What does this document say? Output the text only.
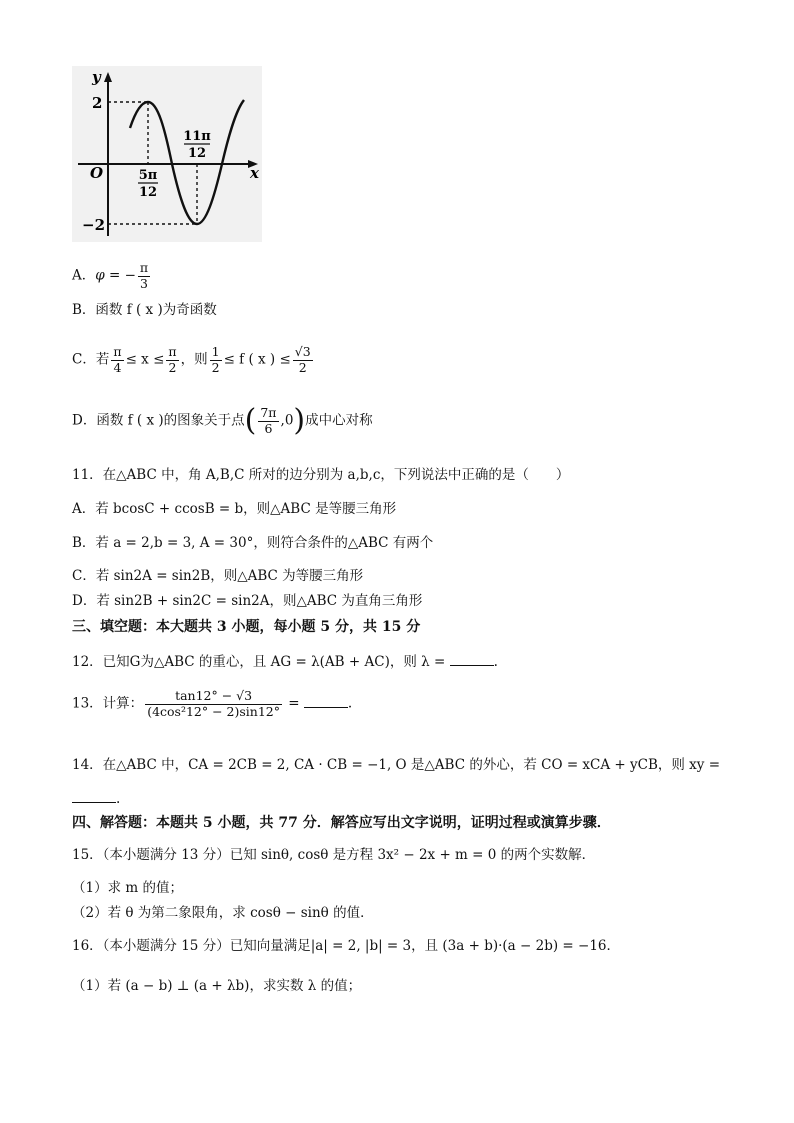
y
x
O
2
−2
5π
12
11π
12
A．φ = − $\frac{\pi}{3}$
B．函数 f ( x )为奇函数
C．若 $\frac{\pi}{4} \le x \le \frac{\pi}{2}$ ，则 $\frac{1}{2} \le f$ ( x ) ≤ $\frac{√3}{2}$
D．函数 f ( x )的图象关于点( $\frac{7\pi}{6} ,0$)成中心对称
11．在△ABC 中，角 A,B,C 所对的边分别为 a,b,c，下列说法中正确的是（　　）
A．若 bcosC + ccosB = b，则△ABC 是等腰三角形
B．若 a = 2,b = 3, A = 30°，则符合条件的△ABC 有两个
C．若 sin2A = sin2B，则△ABC 为等腰三角形
D．若 sin2B + sin2C = sin2A，则△ABC 为直角三角形
三、填空题：本大题共 3 小题，每小题 5 分，共 15 分
12．已知G为△ABC 的重心，且 AG = λ(AB + AC)，则 λ =	.
13．计算： $\frac{\tan 12^\circ - √3}{\text{(4cos²12° − 2)sin12°}}$ =	.
14．在△ABC 中，CA = 2CB = 2, CA · CB = −1, O 是△ABC 的外心，若 CO = xCA + yCB，则 xy =
.
四、解答题：本题共 5 小题，共 77 分．解答应写出文字说明，证明过程或演算步骤．
15．（本小题满分 13 分）已知 sinθ, cosθ 是方程 3x² − 2x + m = 0 的两个实数解．
（1）求 m 的值；
（2）若 θ 为第二象限角，求 cosθ − sinθ 的值．
16．（本小题满分 15 分）已知向量满足|a| = 2, |b| = 3，且 (3a + b)·(a − 2b) = −16．
（1）若 (a − b) ⊥ (a + λb)，求实数 λ 的值；
